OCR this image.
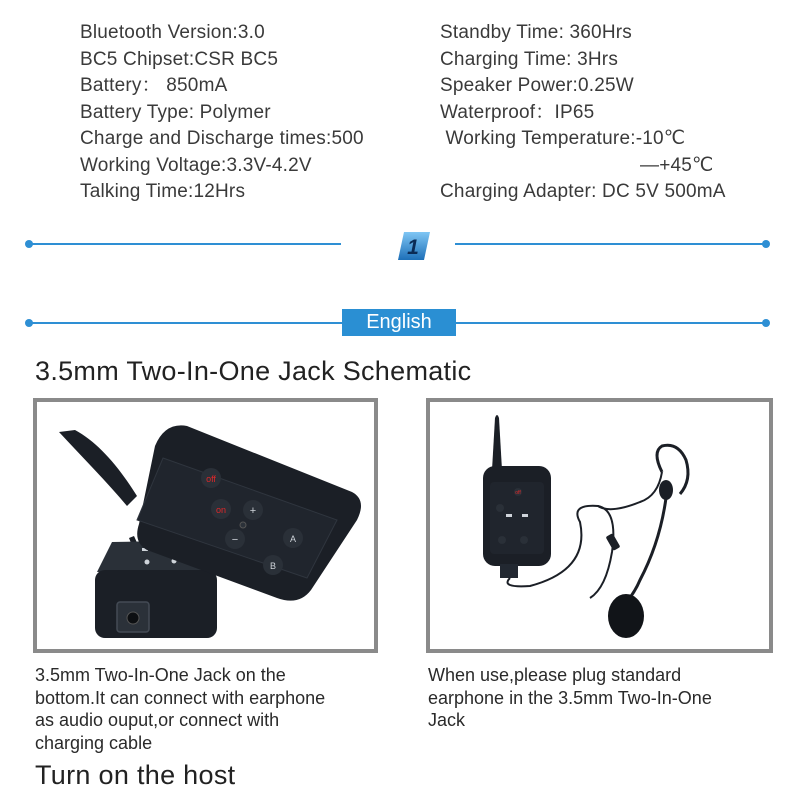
Bluetooth Version:3.0
BC5 Chipset:CSR BC5
Battery： 850mA
Battery Type: Polymer
Charge and Discharge times:500
Working Voltage:3.3V-4.2V
Talking Time:12Hrs
Standby Time: 360Hrs
Charging Time: 3Hrs
Speaker Power:0.25W
Waterproof：IP65
Working Temperature:-10℃
—+45℃
Charging Adapter: DC 5V 500mA
1
English
3.5mm Two-In-One Jack Schematic
off
on +
−	A
B
off
3.5mm Two-In-One Jack on the
bottom.It can connect with earphone
as audio ouput,or connect with
charging cable
When use,please plug standard
earphone in the 3.5mm Two-In-One
Jack
Turn on the host
